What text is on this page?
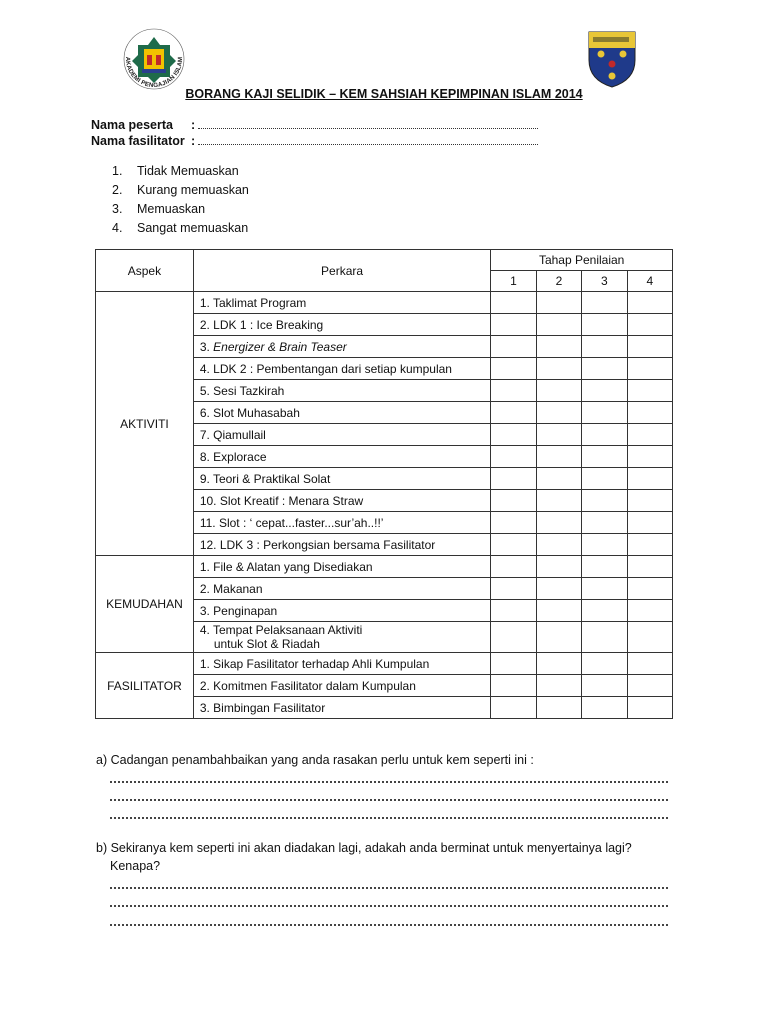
AKADEMI PENGAJIAN ISLAM
BORANG KAJI SELIDIK – KEM SAHSIAH KEPIMPINAN ISLAM 2014
Nama peserta :
Nama fasilitator :
1. Tidak Memuaskan
2. Kurang memuaskan
3. Memuaskan
4. Sangat memuaskan
Aspek	Perkara	Tahap Penilaian			
		1	2	3	4
AKTIVITI	1. Taklimat Program				
	2. LDK 1 : Ice Breaking				
	3. Energizer & Brain Teaser				
	4. LDK 2 : Pembentangan dari setiap kumpulan				
	5. Sesi Tazkirah				
	6. Slot Muhasabah				
	7. Qiamullail				
	8. Explorace				
	9. Teori & Praktikal Solat				
	10. Slot Kreatif : Menara Straw				
	11. Slot : ‘ cepat...faster...sur’ah..!!’				
	12. LDK 3 : Perkongsian bersama Fasilitator				
KEMUDAHAN	1. File & Alatan yang Disediakan				
	2. Makanan				
	3. Penginapan				

	4. Tempat Pelaksanaan Aktiviti
untuk Slot & Riadah				

FASILITATOR	1. Sikap Fasilitator terhadap Ahli Kumpulan				
	2. Komitmen Fasilitator dalam Kumpulan				
	3. Bimbingan Fasilitator				
a) Cadangan penambahbaikan yang anda rasakan perlu untuk kem seperti ini :
b) Sekiranya kem seperti ini akan diadakan lagi, adakah anda berminat untuk menyertainya lagi?
Kenapa?
